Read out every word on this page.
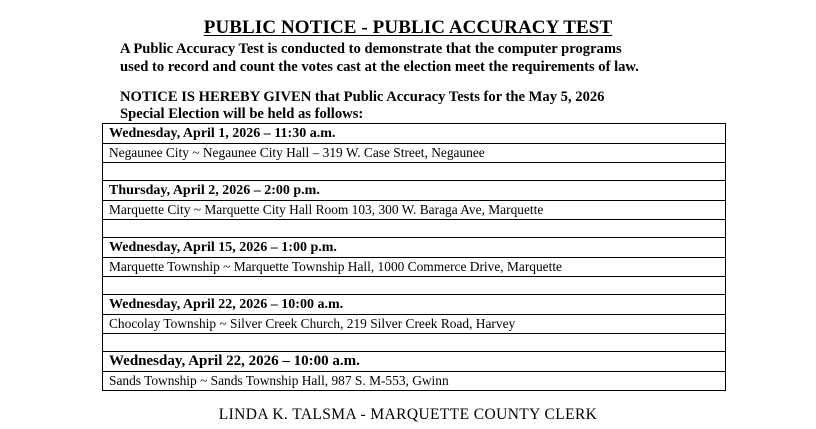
PUBLIC NOTICE - PUBLIC ACCURACY TEST
A Public Accuracy Test is conducted to demonstrate that the computer programs
used to record and count the votes cast at the election meet the requirements of law.
NOTICE IS HEREBY GIVEN that Public Accuracy Tests for the May 5, 2026
Special Election will be held as follows:
Wednesday, April 1, 2026 – 11:30 a.m.
Negaunee City ~ Negaunee City Hall – 319 W. Case Street, Negaunee

Thursday, April 2, 2026 – 2:00 p.m.
Marquette City ~ Marquette City Hall Room 103, 300 W. Baraga Ave, Marquette

Wednesday, April 15, 2026 – 1:00 p.m.
Marquette Township ~ Marquette Township Hall, 1000 Commerce Drive, Marquette

Wednesday, April 22, 2026 – 10:00 a.m.
Chocolay Township ~ Silver Creek Church, 219 Silver Creek Road, Harvey

Wednesday, April 22, 2026 – 10:00 a.m.
Sands Township ~ Sands Township Hall, 987 S. M-553, Gwinn
LINDA K. TALSMA - MARQUETTE COUNTY CLERK
